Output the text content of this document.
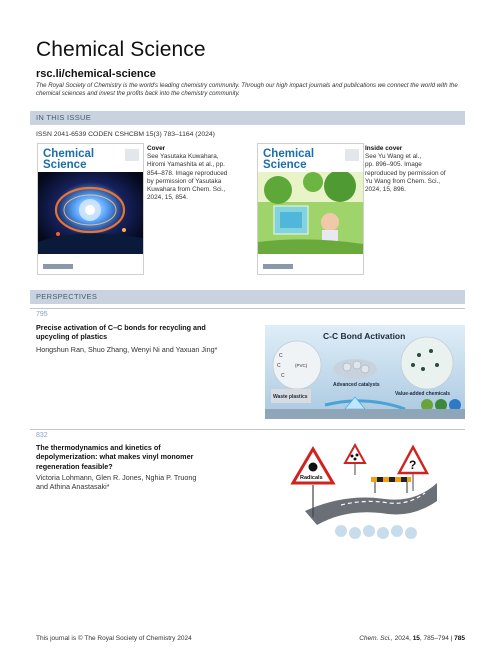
Chemical Science
rsc.li/chemical-science
The Royal Society of Chemistry is the world's leading chemistry community. Through our high impact journals and publications we connect the world with the chemical sciences and invest the profits back into the chemistry community.
IN THIS ISSUE
ISSN 2041-6539 CODEN CSHCBM 15(3) 783–1164 (2024)
Chemical
Science
Cover
See Yasutaka Kuwahara,
Hiromi Yamashita et al., pp.
854–878. Image reproduced
by permission of Yasutaka
Kuwahara from Chem. Sci.,
2024, 15, 854.
Chemical
Science
Inside cover
See Yu Wang et al.,
pp. 896–905. Image
reproduced by permission of
Yu Wang from Chem. Sci.,
2024, 15, 896.
PERSPECTIVES
795
Precise activation of C–C bonds for recycling and
upcycling of plastics
Hongshun Ran, Shuo Zhang, Wenyi Ni and Yaxuan Jing*
C-C Bond Activation
C
C	(PVC)
C
Advanced catalysts
Value-added chemicals
Waste plastics
832
The thermodynamics and kinetics of
depolymerization: what makes vinyl monomer
regeneration feasible?
Victoria Lohmann, Glen R. Jones, Nghia P. Truong
and Athina Anastasaki*
Radicals
?
This journal is © The Royal Society of Chemistry 2024	Chem. Sci., 2024, 15, 785–794 | 785
